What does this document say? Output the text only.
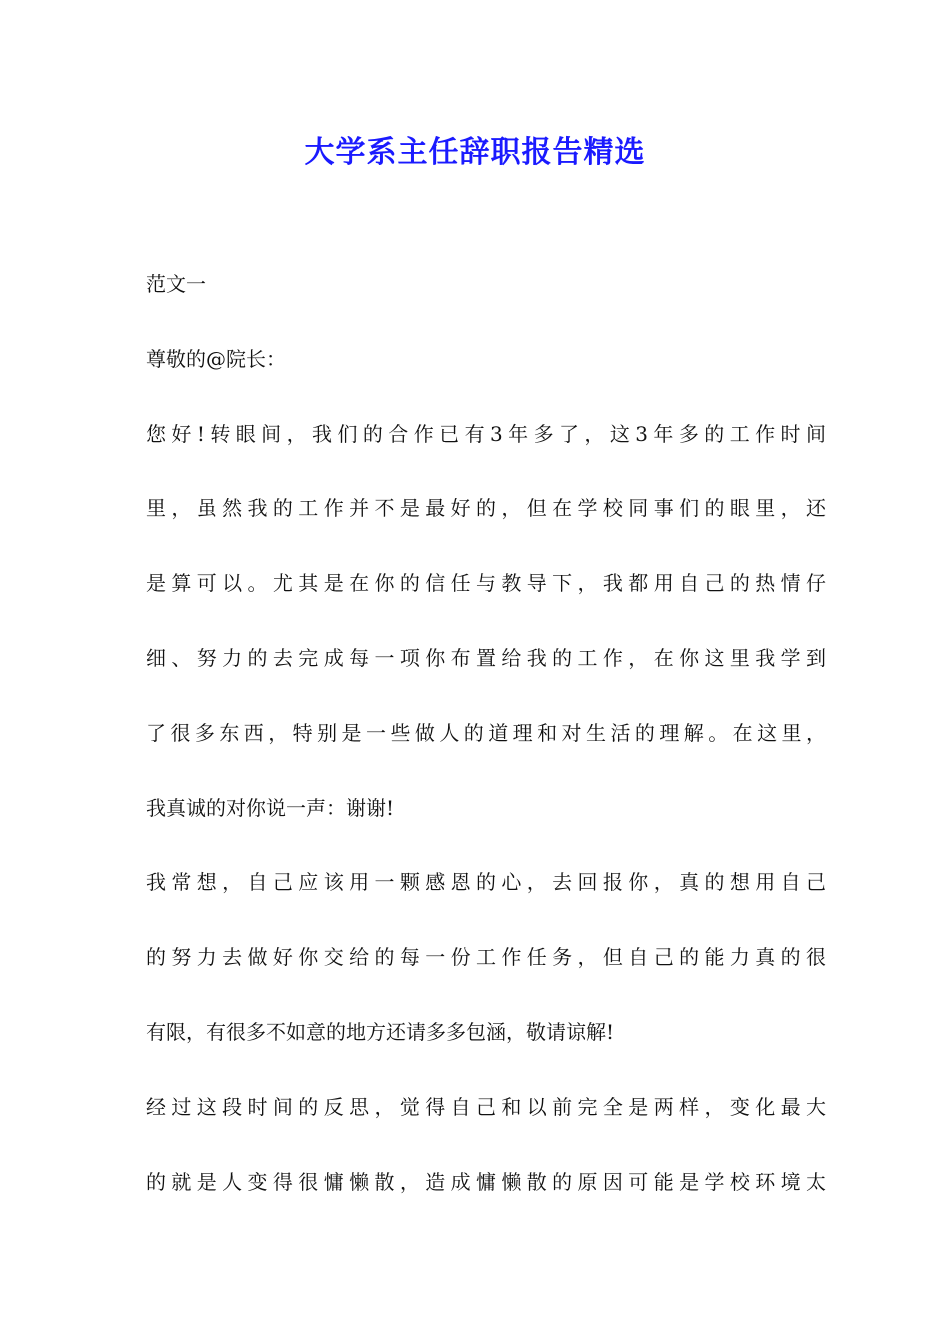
大学系主任辞职报告精选

范文一

尊敬的@院长：

您好!转眼间，我们的合作已有3年多了，这3年多的工作时间

里，虽然我的工作并不是最好的，但在学校同事们的眼里，还

是算可以。尤其是在你的信任与教导下，我都用自己的热情仔

细、努力的去完成每一项你布置给我的工作，在你这里我学到

了很多东西，特别是一些做人的道理和对生活的理解。在这里，

我真诚的对你说一声：谢谢!

我常想，自己应该用一颗感恩的心，去回报你，真的想用自己

的努力去做好你交给的每一份工作任务，但自己的能力真的很

有限，有很多不如意的地方还请多多包涵，敬请谅解!

经过这段时间的反思，觉得自己和以前完全是两样，变化最大

的就是人变得很慵懒散，造成慵懒散的原因可能是学校环境太
